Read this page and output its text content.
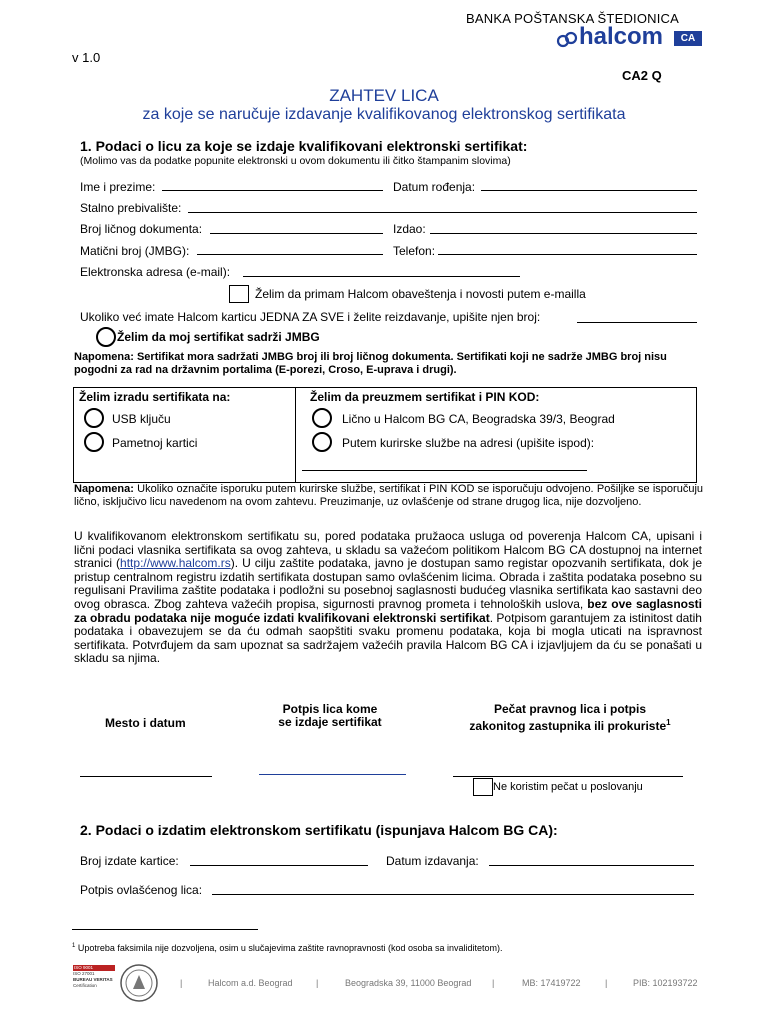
BANKA POŠTANSKA ŠTEDIONICA
halcom	CA
v 1.0
CA2 Q
ZAHTEV LICA
za koje se naručuje izdavanje kvalifikovanog elektronskog sertifikata
1. Podaci o licu za koje se izdaje kvalifikovani elektronski sertifikat:
(Molimo vas da podatke popunite elektronski u ovom dokumentu ili čitko štampanim slovima)
Ime i prezime:	Datum rođenja:
Stalno prebivalište:
Broj ličnog dokumenta:	Izdao:
Matični broj (JMBG):	Telefon:
Elektronska adresa (e-mail):
Želim da primam Halcom obaveštenja i novosti putem e-mailla
Ukoliko već imate Halcom karticu JEDNA ZA SVE i želite reizdavanje, upišite njen broj:
Želim da moj sertifikat sadrži JMBG
Napomena: Sertifikat mora sadržati JMBG broj ili broj ličnog dokumenta. Sertifikati koji ne sadrže JMBG broj nisu pogodni za rad na državnim portalima (E-porezi, Croso, E-uprava i drugi).
Želim izradu sertifikata na:
USB ključu
Pametnoj kartici
Želim da preuzmem sertifikat i PIN KOD:
Lično u Halcom BG CA, Beogradska 39/3, Beograd
Putem kurirske službe na adresi (upišite ispod):
Napomena: Ukoliko označite isporuku putem kurirske službe, sertifikat i PIN KOD se isporučuju odvojeno. Pošiljke se isporučuju lično, isključivo licu navedenom na ovom zahtevu. Preuzimanje, uz ovlašćenje od strane drugog lica, nije dozvoljeno.
U kvalifikovanom elektronskom sertifikatu su, pored podataka pružaoca usluga od poverenja Halcom CA, upisani i lični podaci vlasnika sertifikata sa ovog zahteva, u skladu sa važećom politikom Halcom BG CA dostupnoj na internet stranici (http://www.halcom.rs). U cilju zaštite podataka, javno je dostupan samo registar opozvanih sertifikata, dok je pristup centralnom registru izdatih sertifikata dostupan samo ovlašćenim licima. Obrada i zaštita podataka posebno su regulisani Pravilima zaštite podataka i podložni su posebnoj saglasnosti budućeg vlasnika sertifikata kao sastavni deo ovog obrasca. Zbog zahteva važećih propisa, sigurnosti pravnog prometa i tehnoloških uslova, bez ove saglasnosti za obradu podataka nije moguće izdati kvalifikovani elektronski sertifikat. Potpisom garantujem za istinitost datih podataka i obavezujem se da ću odmah saopštiti svaku promenu podataka, koja bi mogla uticati na ispravnost sertifikata. Potvrđujem da sam upoznat sa sadržajem važećih pravila Halcom BG CA i izjavljujem da ću se ponašati u skladu sa njima.
Mesto i datum
Potpis lica kome
se izdaje sertifikat
Pečat pravnog lica i potpis
zakonitog zastupnika ili prokuriste$^1$
Ne koristim pečat u poslovanju
2. Podaci o izdatim elektronskom sertifikatu (ispunjava Halcom BG CA):
Broj izdate kartice:	Datum izdavanja:
Potpis ovlašćenog lica:
$^1$ Upotreba faksimila nije dozvoljena, osim u slučajevima zaštite ravnopravnosti (kod osoba sa invaliditetom).
ISO 9001
ISO 27001
BUREAU VERITAS
Certification	|	Halcom a.d. Beograd	|	Beogradska 39, 11000 Beograd |	MB: 17419722	|	PIB: 102193722
